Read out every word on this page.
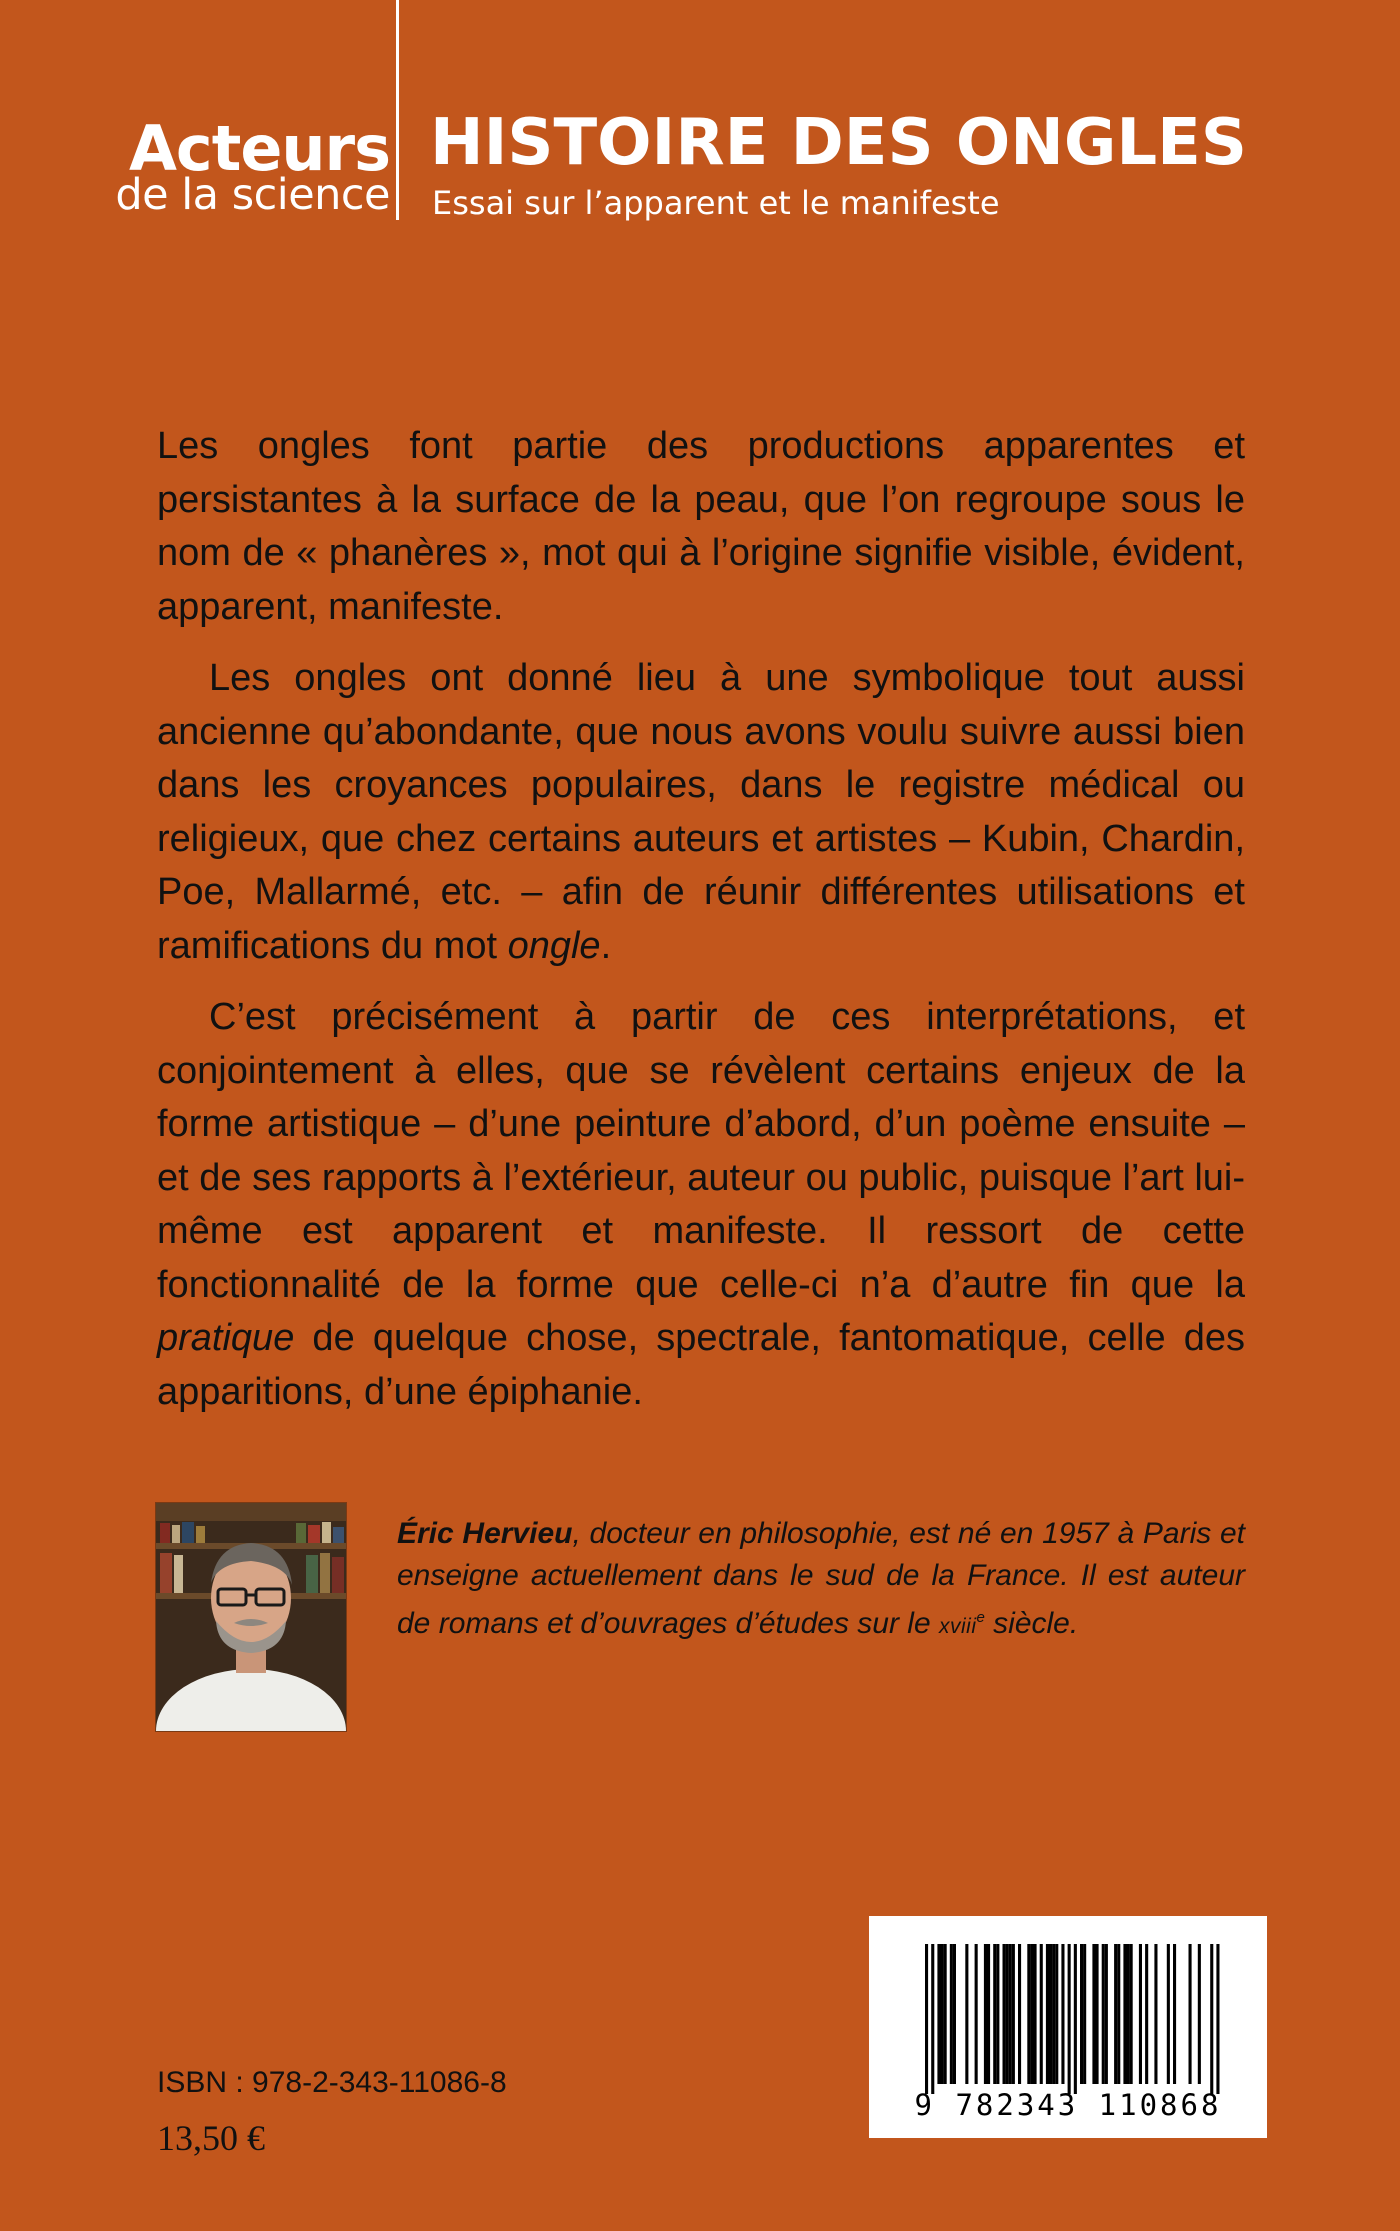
Acteurs
de la science
HISTOIRE DES ONGLES
Essai sur l’apparent et le manifeste

Les ongles font partie des productions apparentes et persistantes à la surface de la peau, que l’on regroupe sous le nom de « phanères », mot qui à l’origine signifie visible, évident, apparent, manifeste.

Les ongles ont donné lieu à une symbolique tout aussi ancienne qu’abondante, que nous avons voulu suivre aussi bien dans les croyances populaires, dans le registre médical ou religieux, que chez certains auteurs et artistes – Kubin, Chardin, Poe, Mallarmé, etc. – afin de réunir différentes utilisations et ramifications du mot ongle.

C’est précisément à partir de ces interprétations, et conjointement à elles, que se révèlent certains enjeux de la forme artistique – d’une peinture d’abord, d’un poème ensuite – et de ses rapports à l’extérieur, auteur ou public, puisque l’art lui-même est apparent et manifeste. Il ressort de cette fonctionnalité de la forme que celle-ci n’a d’autre fin que la pratique de quelque chose, spectrale, fantomatique, celle des apparitions, d’une épiphanie.

Éric Hervieu, docteur en philosophie, est né en 1957 à Paris et enseigne actuellement dans le sud de la France. Il est auteur de romans et d’ouvrages d’études sur le xviii$^e$ siècle.
9 782343 110868
ISBN : 978-2-343-11086-8
13,50 €
